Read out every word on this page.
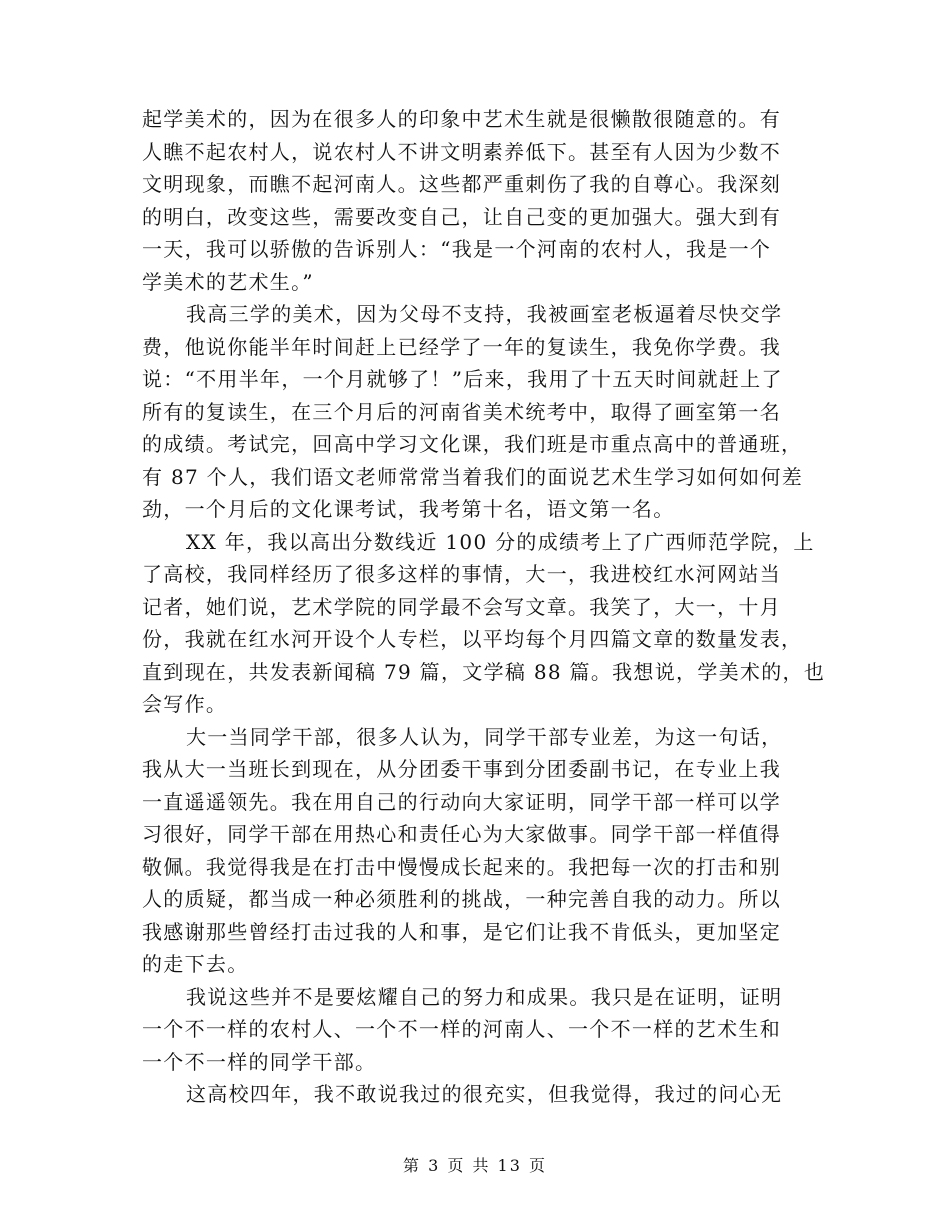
起学美术的，因为在很多人的印象中艺术生就是很懒散很随意的。有
人瞧不起农村人，说农村人不讲文明素养低下。甚至有人因为少数不
文明现象，而瞧不起河南人。这些都严重刺伤了我的自尊心。我深刻
的明白，改变这些，需要改变自己，让自己变的更加强大。强大到有
一天，我可以骄傲的告诉别人：“我是一个河南的农村人，我是一个
学美术的艺术生。”
我高三学的美术，因为父母不支持，我被画室老板逼着尽快交学
费，他说你能半年时间赶上已经学了一年的复读生，我免你学费。我
说：“不用半年，一个月就够了！”后来，我用了十五天时间就赶上了
所有的复读生，在三个月后的河南省美术统考中，取得了画室第一名
的成绩。考试完，回高中学习文化课，我们班是市重点高中的普通班，
有 87 个人，我们语文老师常常当着我们的面说艺术生学习如何如何差
劲，一个月后的文化课考试，我考第十名，语文第一名。
XX 年，我以高出分数线近 100 分的成绩考上了广西师范学院，上
了高校，我同样经历了很多这样的事情，大一，我进校红水河网站当
记者，她们说，艺术学院的同学最不会写文章。我笑了，大一，十月
份，我就在红水河开设个人专栏，以平均每个月四篇文章的数量发表，
直到现在，共发表新闻稿 79 篇，文学稿 88 篇。我想说，学美术的，也
会写作。
大一当同学干部，很多人认为，同学干部专业差，为这一句话，
我从大一当班长到现在，从分团委干事到分团委副书记，在专业上我
一直遥遥领先。我在用自己的行动向大家证明，同学干部一样可以学
习很好，同学干部在用热心和责任心为大家做事。同学干部一样值得
敬佩。我觉得我是在打击中慢慢成长起来的。我把每一次的打击和别
人的质疑，都当成一种必须胜利的挑战，一种完善自我的动力。所以
我感谢那些曾经打击过我的人和事，是它们让我不肯低头，更加坚定
的走下去。
我说这些并不是要炫耀自己的努力和成果。我只是在证明，证明
一个不一样的农村人、一个不一样的河南人、一个不一样的艺术生和
一个不一样的同学干部。
这高校四年，我不敢说我过的很充实，但我觉得，我过的问心无
第 3 页 共 13 页
